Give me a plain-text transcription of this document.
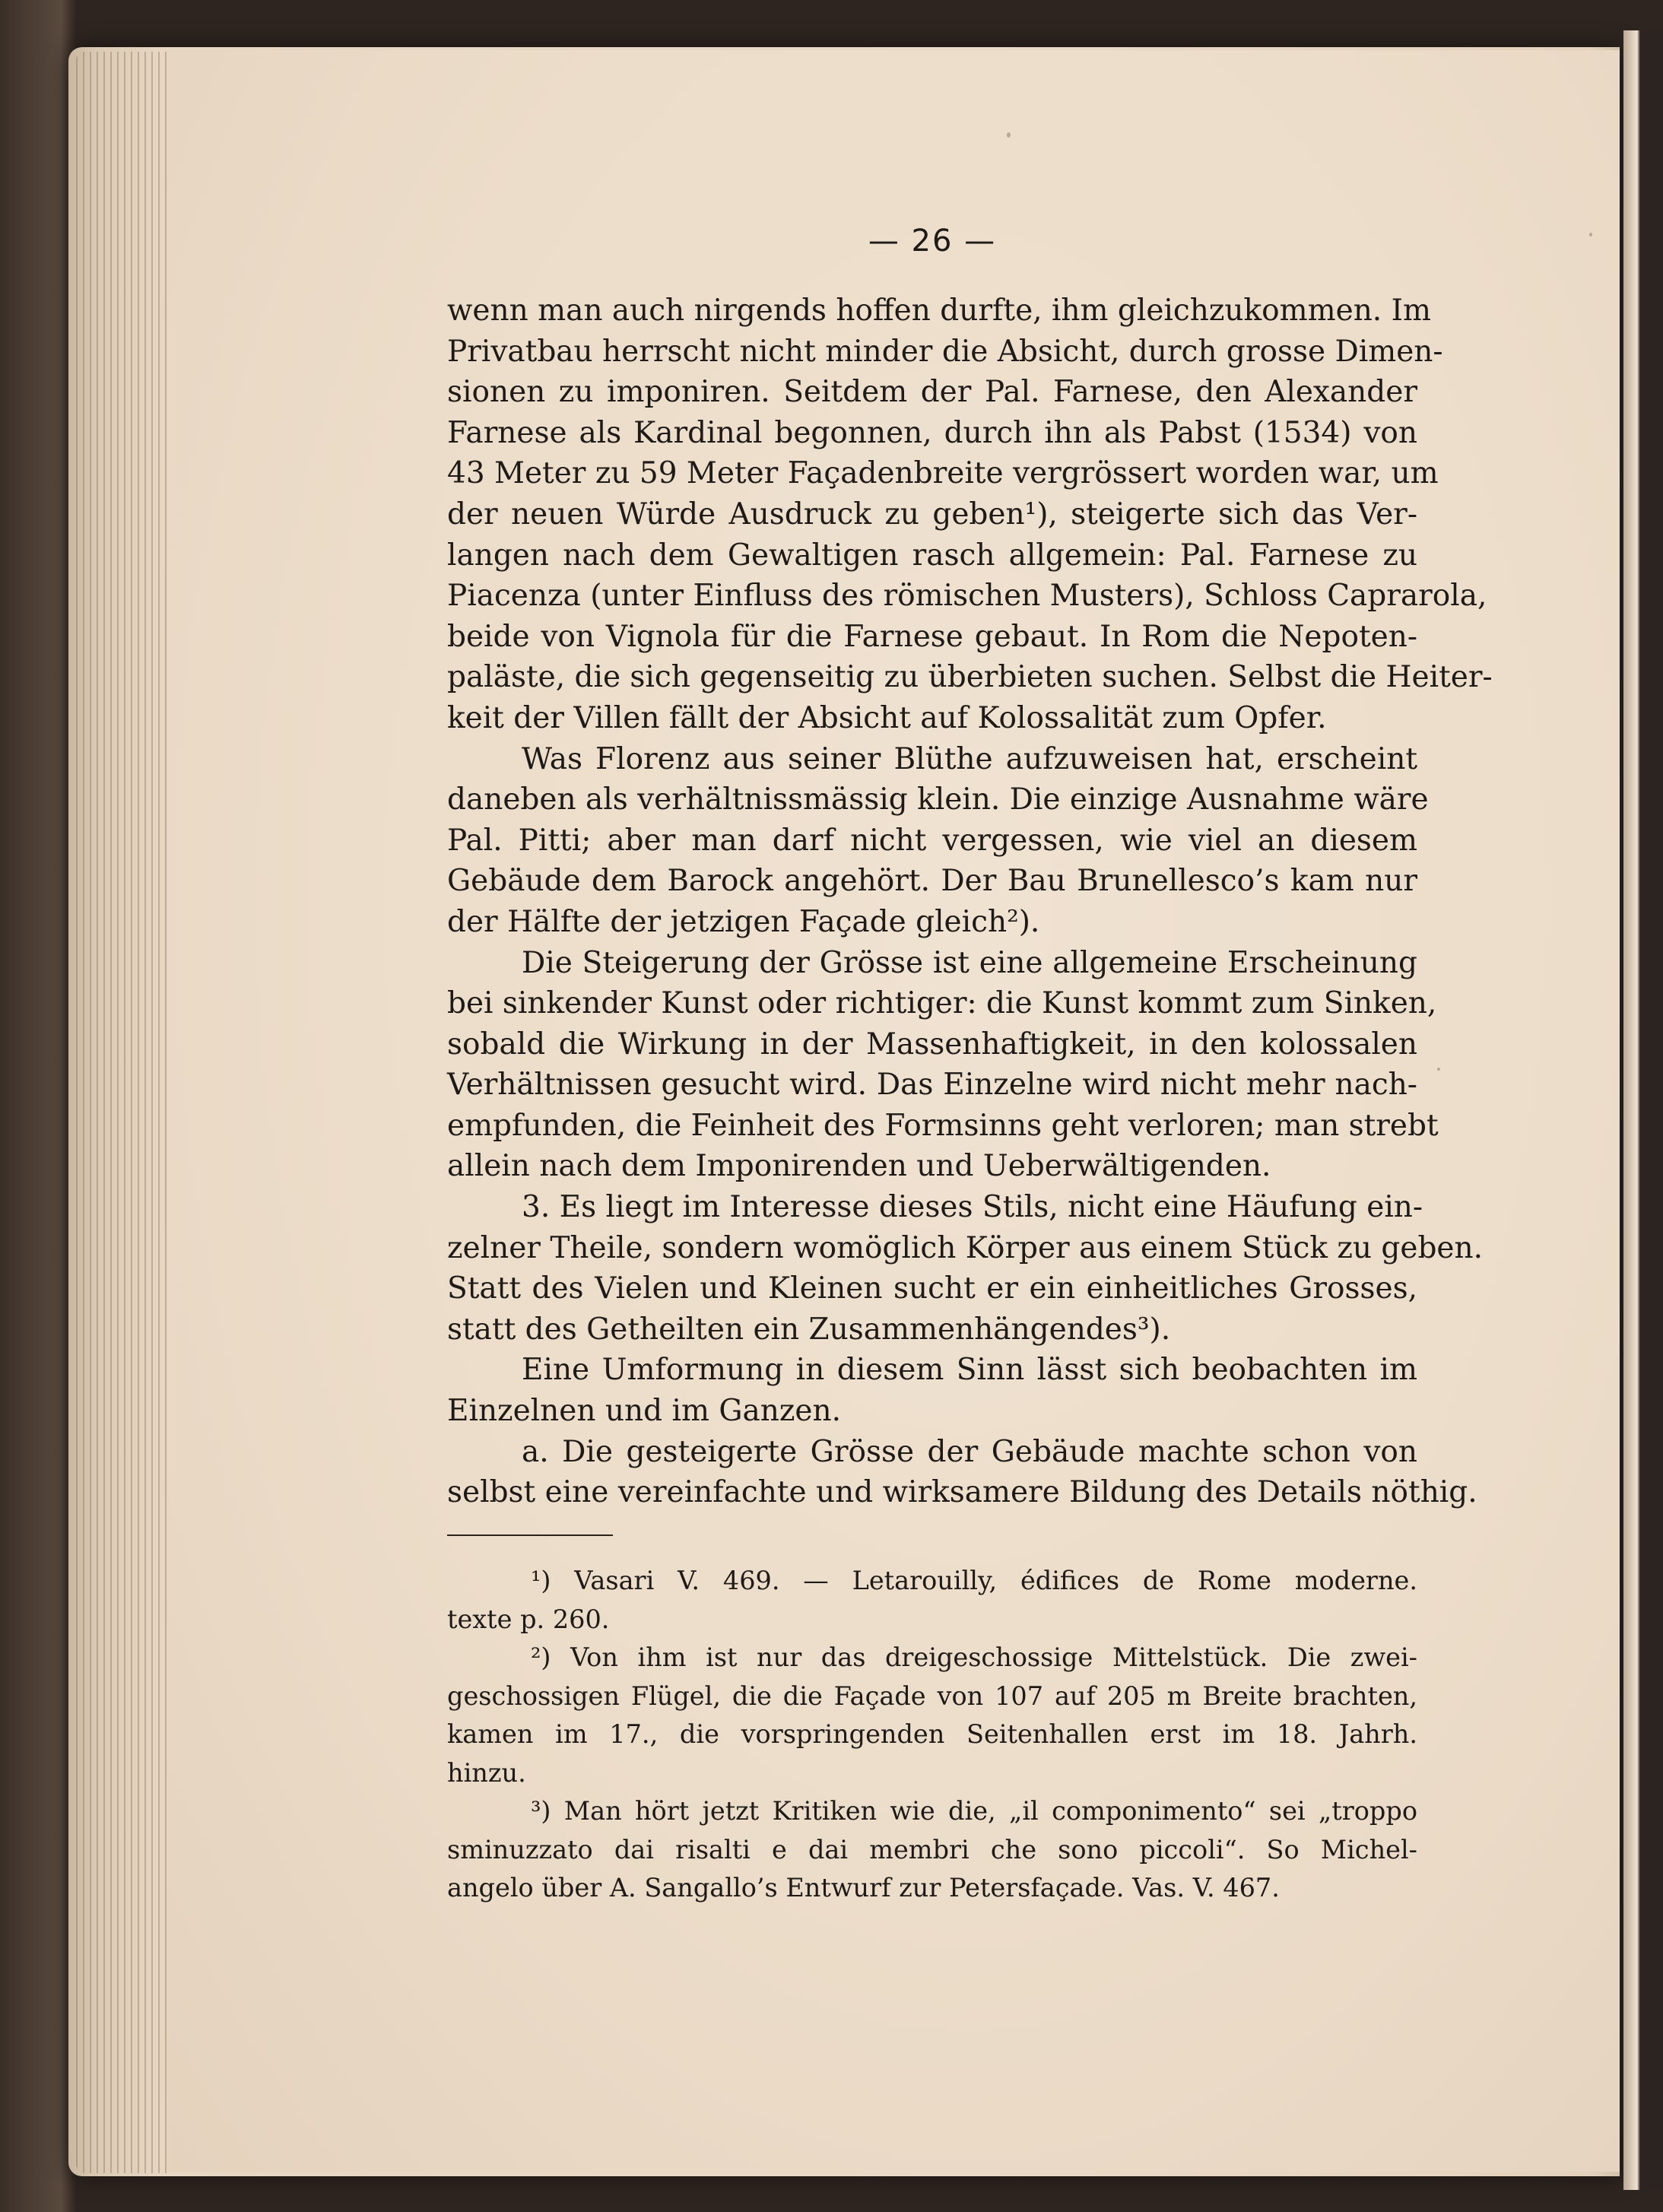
— 26 —
wenn man auch nirgends hoffen durfte, ihm gleichzukommen. Im
Privatbau herrscht nicht minder die Absicht, durch grosse Dimen-
sionen zu imponiren. Seitdem der Pal. Farnese, den Alexander
Farnese als Kardinal begonnen, durch ihn als Pabst (1534) von
43 Meter zu 59 Meter Façadenbreite vergrössert worden war, um
der neuen Würde Ausdruck zu geben¹), steigerte sich das Ver-
langen nach dem Gewaltigen rasch allgemein: Pal. Farnese zu
Piacenza (unter Einfluss des römischen Musters), Schloss Caprarola,
beide von Vignola für die Farnese gebaut. In Rom die Nepoten-
paläste, die sich gegenseitig zu überbieten suchen. Selbst die Heiter-
keit der Villen fällt der Absicht auf Kolossalität zum Opfer.
Was Florenz aus seiner Blüthe aufzuweisen hat, erscheint
daneben als verhältnissmässig klein. Die einzige Ausnahme wäre
Pal. Pitti; aber man darf nicht vergessen, wie viel an diesem
Gebäude dem Barock angehört. Der Bau Brunellesco’s kam nur
der Hälfte der jetzigen Façade gleich²).
Die Steigerung der Grösse ist eine allgemeine Erscheinung
bei sinkender Kunst oder richtiger: die Kunst kommt zum Sinken,
sobald die Wirkung in der Massenhaftigkeit, in den kolossalen
Verhältnissen gesucht wird. Das Einzelne wird nicht mehr nach-
empfunden, die Feinheit des Formsinns geht verloren; man strebt
allein nach dem Imponirenden und Ueberwältigenden.
3. Es liegt im Interesse dieses Stils, nicht eine Häufung ein-
zelner Theile, sondern womöglich Körper aus einem Stück zu geben.
Statt des Vielen und Kleinen sucht er ein einheitliches Grosses,
statt des Getheilten ein Zusammenhängendes³).
Eine Umformung in diesem Sinn lässt sich beobachten im
Einzelnen und im Ganzen.
a. Die gesteigerte Grösse der Gebäude machte schon von
selbst eine vereinfachte und wirksamere Bildung des Details nöthig.
¹) Vasari V. 469. — Letarouilly, édifices de Rome moderne.
texte p. 260.
²) Von ihm ist nur das dreigeschossige Mittelstück. Die zwei-
geschossigen Flügel, die die Façade von 107 auf 205 m Breite brachten,
kamen im 17., die vorspringenden Seitenhallen erst im 18. Jahrh.
hinzu.
³) Man hört jetzt Kritiken wie die, „il componimento“ sei „troppo
sminuzzato dai risalti e dai membri che sono piccoli“. So Michel-
angelo über A. Sangallo’s Entwurf zur Petersfaçade. Vas. V. 467.
